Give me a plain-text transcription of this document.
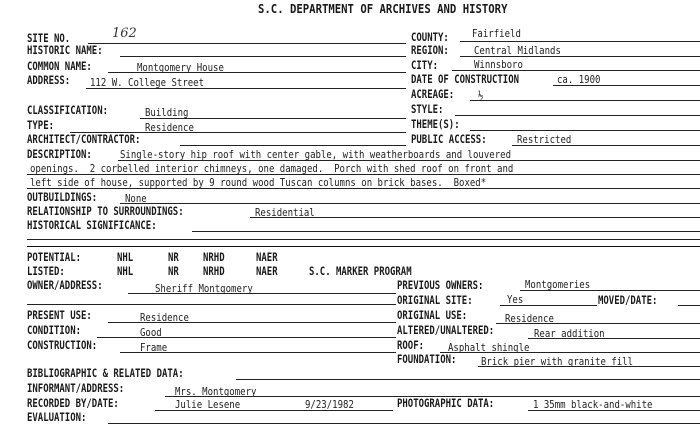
S.C. DEPARTMENT OF ARCHIVES AND HISTORY
SITE NO.	162
HISTORIC NAME:
COMMON NAME:	Montgomery House
ADDRESS: 112 W. College Street
CLASSIFICATION:	Building
TYPE:	Residence
ARCHITECT/CONTRACTOR:
COUNTY: Fairfield
REGION: Central Midlands
CITY:	Winnsboro
DATE OF CONSTRUCTION	ca. 1900
ACREAGE: ½
STYLE:
THEME(S):
PUBLIC ACCESS:	Restricted
DESCRIPTION:	Single-story hip roof with center gable, with weatherboards and louvered
openings.  2 corbelled interior chimneys, one damaged.  Porch with shed roof on front and
left side of house, supported by 9 round wood Tuscan columns on brick bases.  Boxed*
OUTBUILDINGS:	None
RELATIONSHIP TO SURROUNDINGS:	Residential
HISTORICAL SIGNIFICANCE:
POTENTIAL:	NHL	NR NRHD	NAER
LISTED:	NHL	NR NRHD	NAER	S.C. MARKER PROGRAM
OWNER/ADDRESS:	Sheriff Montgomery	PREVIOUS OWNERS:	Montgomeries
ORIGINAL SITE:	Yes	MOVED/DATE:
PRESENT USE:	Residence	ORIGINAL USE:	Residence
CONDITION:	Good	ALTERED/UNALTERED:	Rear addition
CONSTRUCTION:	Frame	ROOF: Asphalt shingle
FOUNDATION: Brick pier with granite fill
BIBLIOGRAPHIC & RELATED DATA:
INFORMANT/ADDRESS:	Mrs. Montgomery
RECORDED BY/DATE:	Julie Lesene	9/23/1982	PHOTOGRAPHIC DATA:	1 35mm black-and-white
EVALUATION:
